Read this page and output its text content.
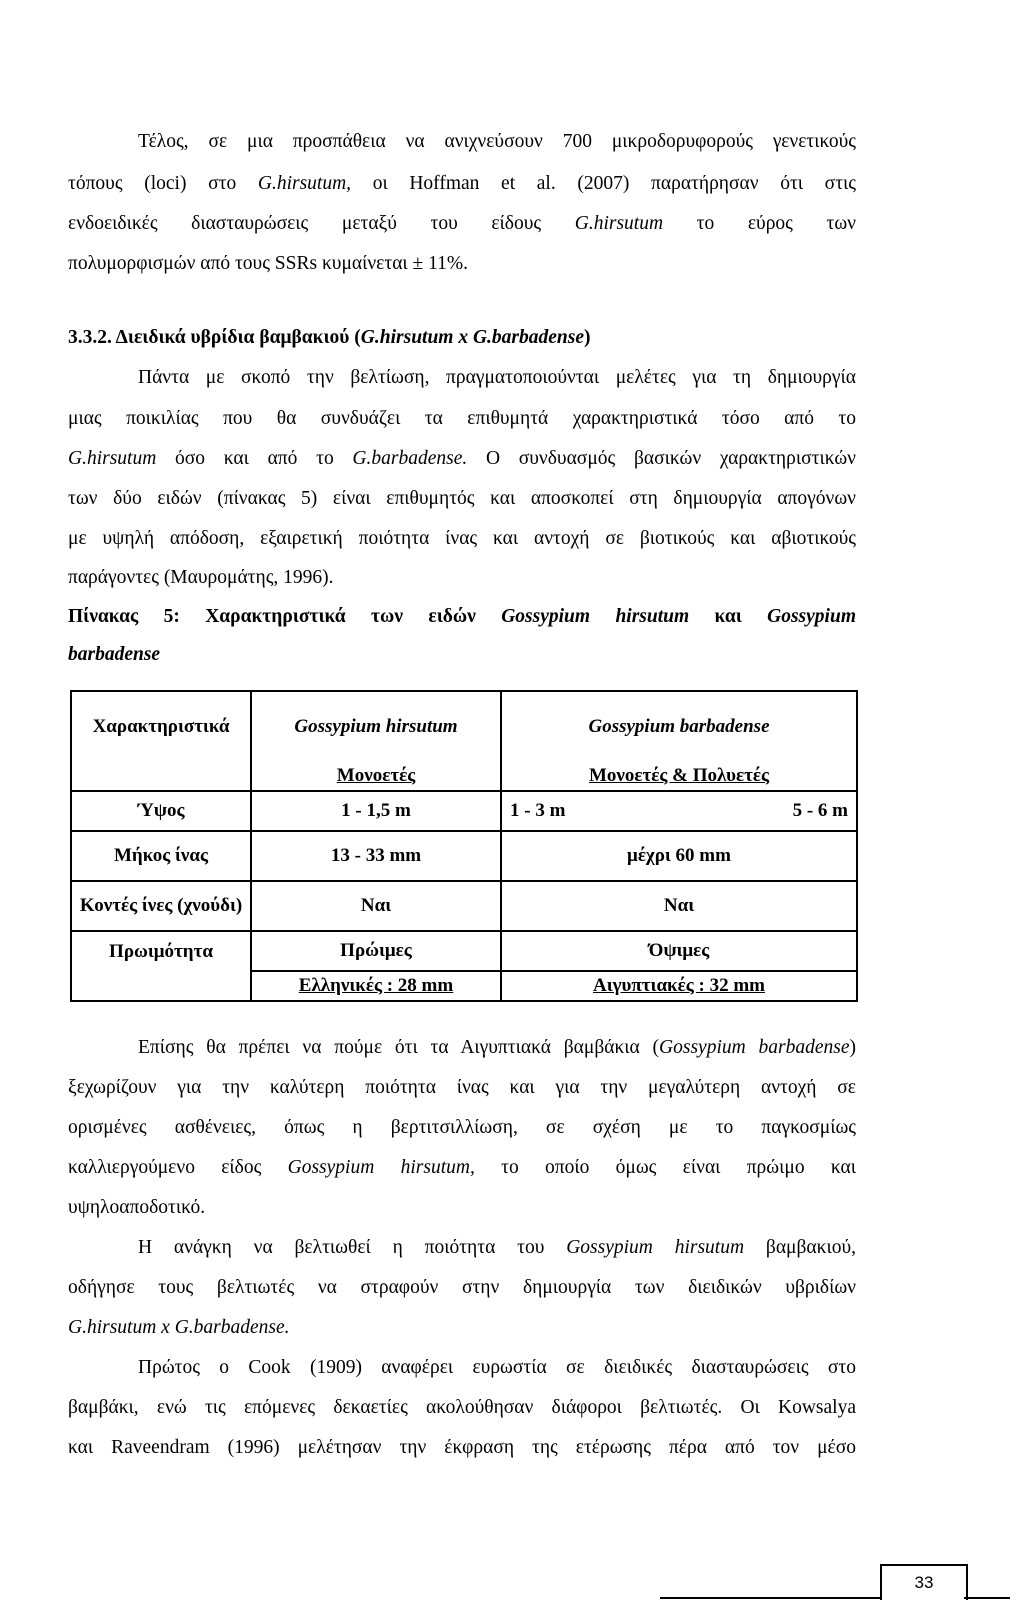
Τέλος, σε μια προσπάθεια να ανιχνεύσουν 700 μικροδορυφορούς γενετικούς
τόπους (loci) στο G.hirsutum, οι Hoffman et al. (2007) παρατήρησαν ότι στις
ενδοειδικές διασταυρώσεις μεταξύ του είδους G.hirsutum το εύρος των
πολυμορφισμών από τους SSRs κυμαίνεται ± 11%.
3.3.2. Διειδικά υβρίδια βαμβακιού (G.hirsutum x G.barbadense)
Πάντα με σκοπό την βελτίωση, πραγματοποιούνται μελέτες για τη δημιουργία
μιας ποικιλίας που θα συνδυάζει τα επιθυμητά χαρακτηριστικά τόσο από το
G.hirsutum όσο και από το G.barbadense. Ο συνδυασμός βασικών χαρακτηριστικών
των δύο ειδών (πίνακας 5) είναι επιθυμητός και αποσκοπεί στη δημιουργία απογόνων
με υψηλή απόδοση, εξαιρετική ποιότητα ίνας και αντοχή σε βιοτικούς και αβιοτικούς
παράγοντες (Μαυρομάτης, 1996).
Πίνακας 5: Χαρακτηριστικά των ειδών Gossypium hirsutum και Gossypium
barbadense
Χαρακτηριστικά	Gossypium hirsutum	Gossypium barbadense
	Μονοετές	Μονοετές & Πολυετές
Ύψος	1 - 1,5 m	1 - 3 m 5 - 6 m

Μήκος ίνας	13 - 33 mm	μέχρι 60 mm
Κοντές ίνες (χνούδι)	Ναι	Ναι
Πρωιμότητα	Πρώιμες	Όψιμες
	Ελληνικές : 28 mm	Αιγυπτιακές : 32 mm
Επίσης θα πρέπει να πούμε ότι τα Αιγυπτιακά βαμβάκια (Gossypium barbadense)
ξεχωρίζουν για την καλύτερη ποιότητα ίνας και για την μεγαλύτερη αντοχή σε
ορισμένες ασθένειες, όπως η βερτιτσιλλίωση, σε σχέση με το παγκοσμίως
καλλιεργούμενο είδος Gossypium hirsutum, το οποίο όμως είναι πρώιμο και
υψηλοαποδοτικό.
Η ανάγκη να βελτιωθεί η ποιότητα του Gossypium hirsutum βαμβακιού,
οδήγησε τους βελτιωτές να στραφούν στην δημιουργία των διειδικών υβριδίων
G.hirsutum x G.barbadense.
Πρώτος ο Cook (1909) αναφέρει ευρωστία σε διειδικές διασταυρώσεις στο
βαμβάκι, ενώ τις επόμενες δεκαετίες ακολούθησαν διάφοροι βελτιωτές. Οι Kowsalya
και Raveendram (1996) μελέτησαν την έκφραση της ετέρωσης πέρα από τον μέσο
33
